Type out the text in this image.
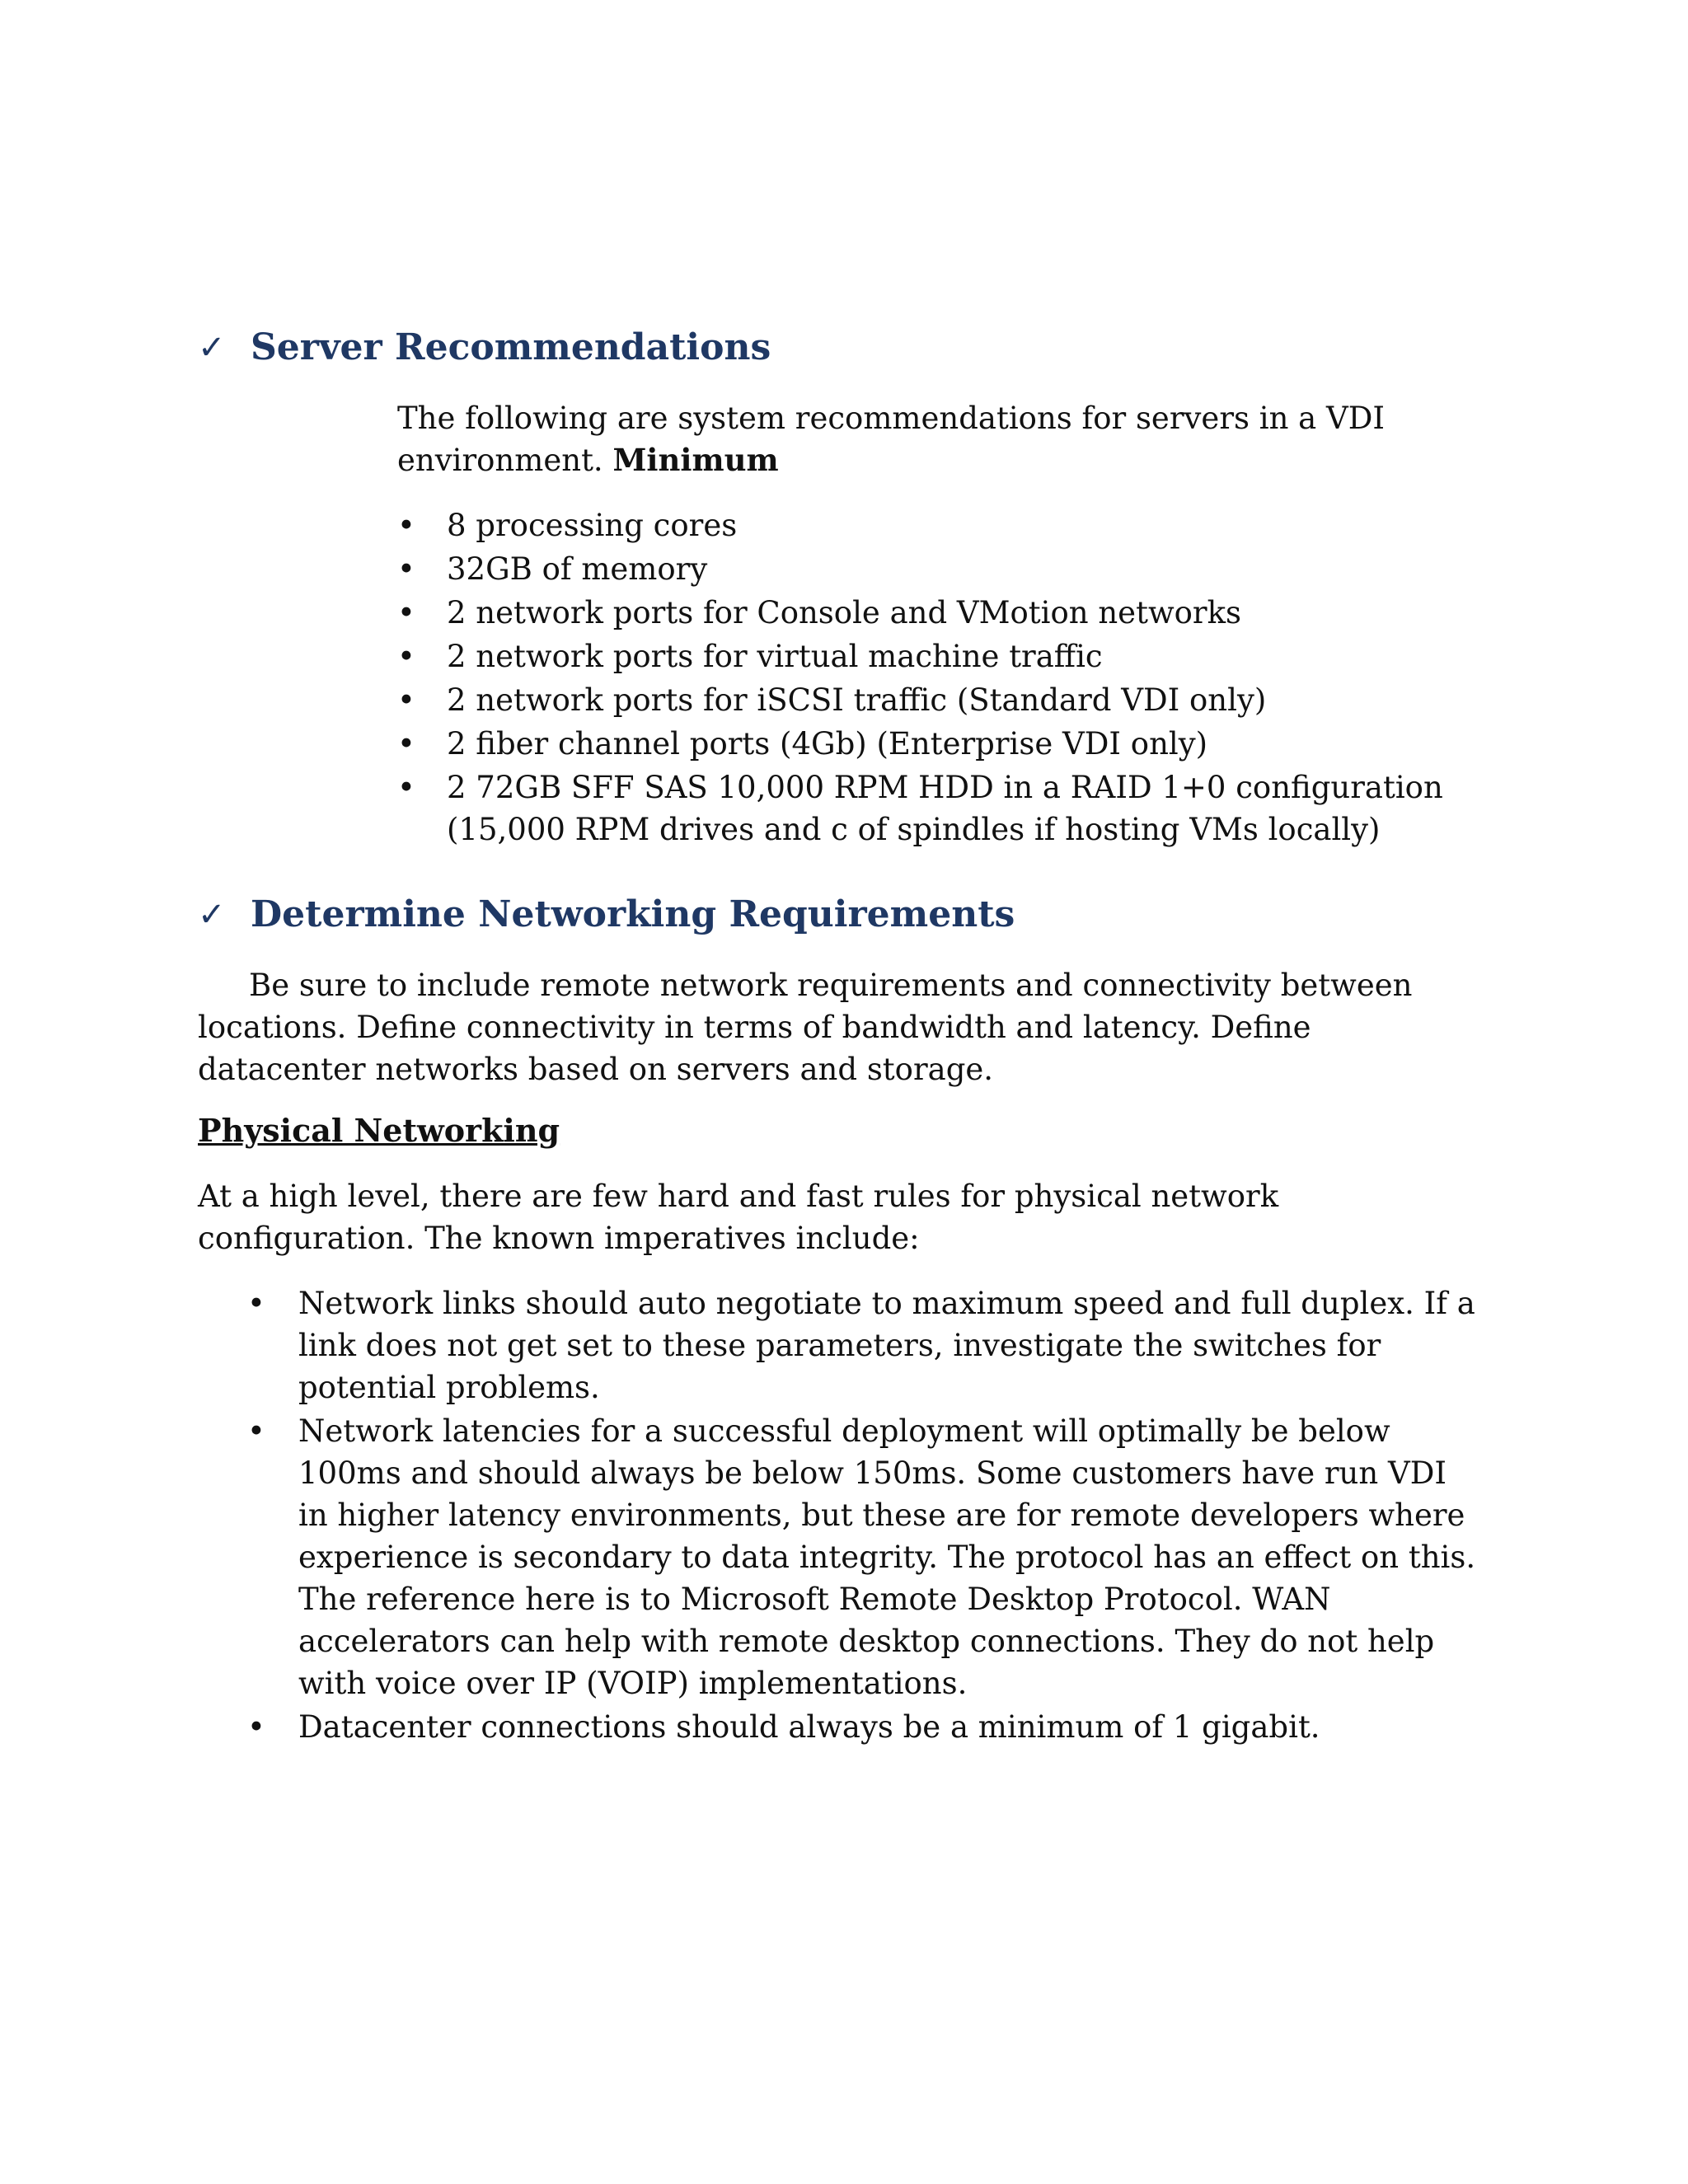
✓ Server Recommendations
The following are system recommendations for servers in a VDI environment. Minimum
•	8 processing cores
•	32GB of memory
•	2 network ports for Console and VMotion networks
•	2 network ports for virtual machine traffic
•	2 network ports for iSCSI traffic (Standard VDI only)
•	2 fiber channel ports (4Gb) (Enterprise VDI only)
•	2 72GB SFF SAS 10,000 RPM HDD in a RAID 1+0 configuration (15,000 RPM drives and c of spindles if hosting VMs locally)
✓ Determine Networking Requirements
Be sure to include remote network requirements and connectivity between locations. Define connectivity in terms of bandwidth and latency. Define datacenter networks based on servers and storage.
Physical Networking
At a high level, there are few hard and fast rules for physical network configuration. The known imperatives include:
•	Network links should auto negotiate to maximum speed and full duplex. If a link does not get set to these parameters, investigate the switches for potential problems.
•	Network latencies for a successful deployment will optimally be below 100ms and should always be below 150ms. Some customers have run VDI in higher latency environments, but these are for remote developers where experience is secondary to data integrity. The protocol has an effect on this. The reference here is to Microsoft Remote Desktop Protocol. WAN accelerators can help with remote desktop connections. They do not help with voice over IP (VOIP) implementations.
•	Datacenter connections should always be a minimum of 1 gigabit.
